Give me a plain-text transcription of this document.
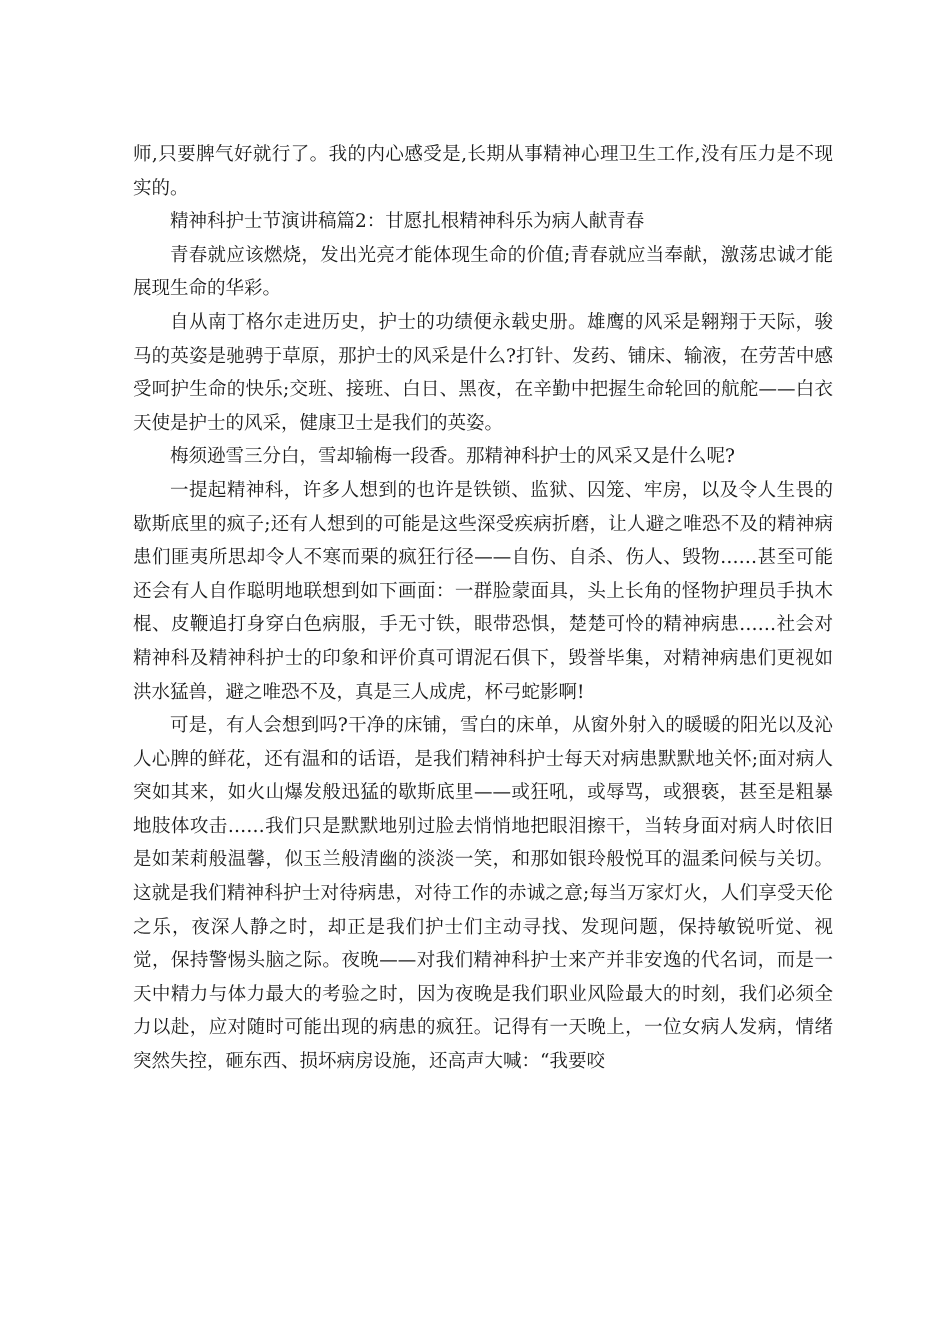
师,只要脾气好就行了。我的内心感受是,长期从事精神心理卫生工作,没有压力是不现实的。

精神科护士节演讲稿篇2：甘愿扎根精神科乐为病人献青春

青春就应该燃烧，发出光亮才能体现生命的价值;青春就应当奉献，激荡忠诚才能展现生命的华彩。

自从南丁格尔走进历史，护士的功绩便永载史册。雄鹰的风采是翱翔于天际，骏马的英姿是驰骋于草原，那护士的风采是什么?打针、发药、铺床、输液，在劳苦中感受呵护生命的快乐;交班、接班、白日、黑夜，在辛勤中把握生命轮回的航舵——白衣天使是护士的风采，健康卫士是我们的英姿。

梅须逊雪三分白，雪却输梅一段香。那精神科护士的风采又是什么呢?

一提起精神科，许多人想到的也许是铁锁、监狱、囚笼、牢房，以及令人生畏的歇斯底里的疯子;还有人想到的可能是这些深受疾病折磨，让人避之唯恐不及的精神病患们匪夷所思却令人不寒而栗的疯狂行径——自伤、自杀、伤人、毁物……甚至可能还会有人自作聪明地联想到如下画面：一群脸蒙面具，头上长角的怪物护理员手执木棍、皮鞭追打身穿白色病服，手无寸铁，眼带恐惧，楚楚可怜的精神病患……社会对精神科及精神科护士的印象和评价真可谓泥石俱下，毁誉毕集，对精神病患们更视如洪水猛兽，避之唯恐不及，真是三人成虎，杯弓蛇影啊!

可是，有人会想到吗?干净的床铺，雪白的床单，从窗外射入的暖暖的阳光以及沁人心脾的鲜花，还有温和的话语，是我们精神科护士每天对病患默默地关怀;面对病人突如其来，如火山爆发般迅猛的歇斯底里——或狂吼，或辱骂，或猥亵，甚至是粗暴地肢体攻击……我们只是默默地别过脸去悄悄地把眼泪擦干，当转身面对病人时依旧是如茉莉般温馨，似玉兰般清幽的淡淡一笑，和那如银玲般悦耳的温柔问候与关切。这就是我们精神科护士对待病患，对待工作的赤诚之意;每当万家灯火，人们享受天伦之乐，夜深人静之时，却正是我们护士们主动寻找、发现问题，保持敏锐听觉、视觉，保持警惕头脑之际。夜晚——对我们精神科护士来产并非安逸的代名词，而是一天中精力与体力最大的考验之时，因为夜晚是我们职业风险最大的时刻，我们必须全力以赴，应对随时可能出现的病患的疯狂。记得有一天晚上，一位女病人发病，情绪突然失控，砸东西、损坏病房设施，还高声大喊：“我要咬
